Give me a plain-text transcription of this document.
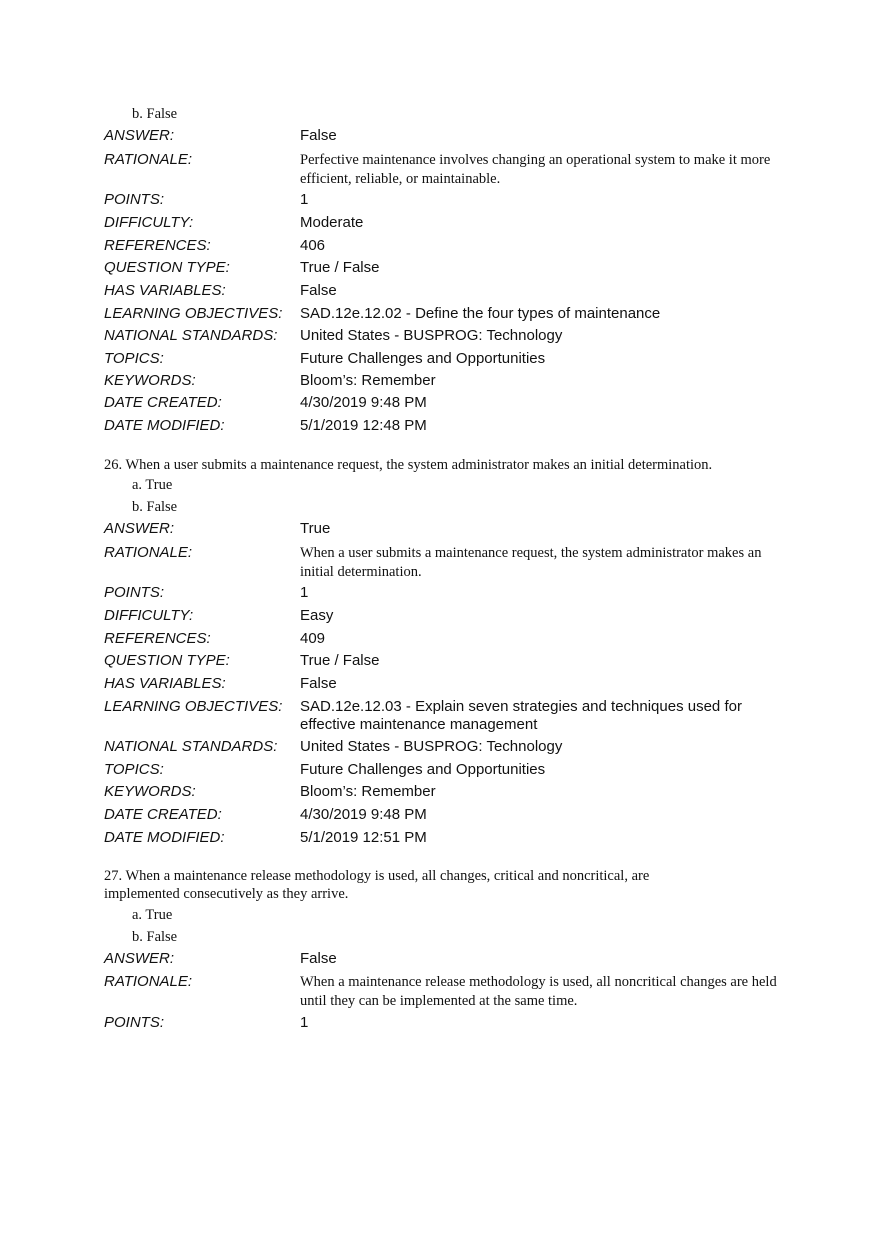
b. False
ANSWER:	False
RATIONALE:	Perfective maintenance involves changing an operational system to make it more efficient, reliable, or maintainable.
POINTS:	1
DIFFICULTY:	Moderate
REFERENCES:	406
QUESTION TYPE:	True / False
HAS VARIABLES:	False
LEARNING OBJECTIVES: SAD.12e.12.02 - Define the four types of maintenance
NATIONAL STANDARDS: United States - BUSPROG: Technology
TOPICS:	Future Challenges and Opportunities
KEYWORDS:	Bloom’s: Remember
DATE CREATED:	4/30/2019 9:48 PM
DATE MODIFIED:	5/1/2019 12:48 PM
26. When a user submits a maintenance request, the system administrator makes an initial determination.
a. True
b. False
ANSWER:	True
RATIONALE:	When a user submits a maintenance request, the system administrator makes an initial determination.
POINTS:	1
DIFFICULTY:	Easy
REFERENCES:	409
QUESTION TYPE:	True / False
HAS VARIABLES:	False
LEARNING OBJECTIVES: SAD.12e.12.03 - Explain seven strategies and techniques used for effective maintenance management
NATIONAL STANDARDS: United States - BUSPROG: Technology
TOPICS:	Future Challenges and Opportunities
KEYWORDS:	Bloom’s: Remember
DATE CREATED:	4/30/2019 9:48 PM
DATE MODIFIED:	5/1/2019 12:51 PM
27. When a maintenance release methodology is used, all changes, critical and noncritical, are implemented consecutively as they arrive.
a. True
b. False
ANSWER:	False
RATIONALE:	When a maintenance release methodology is used, all noncritical changes are held until they can be implemented at the same time.
POINTS:	1
